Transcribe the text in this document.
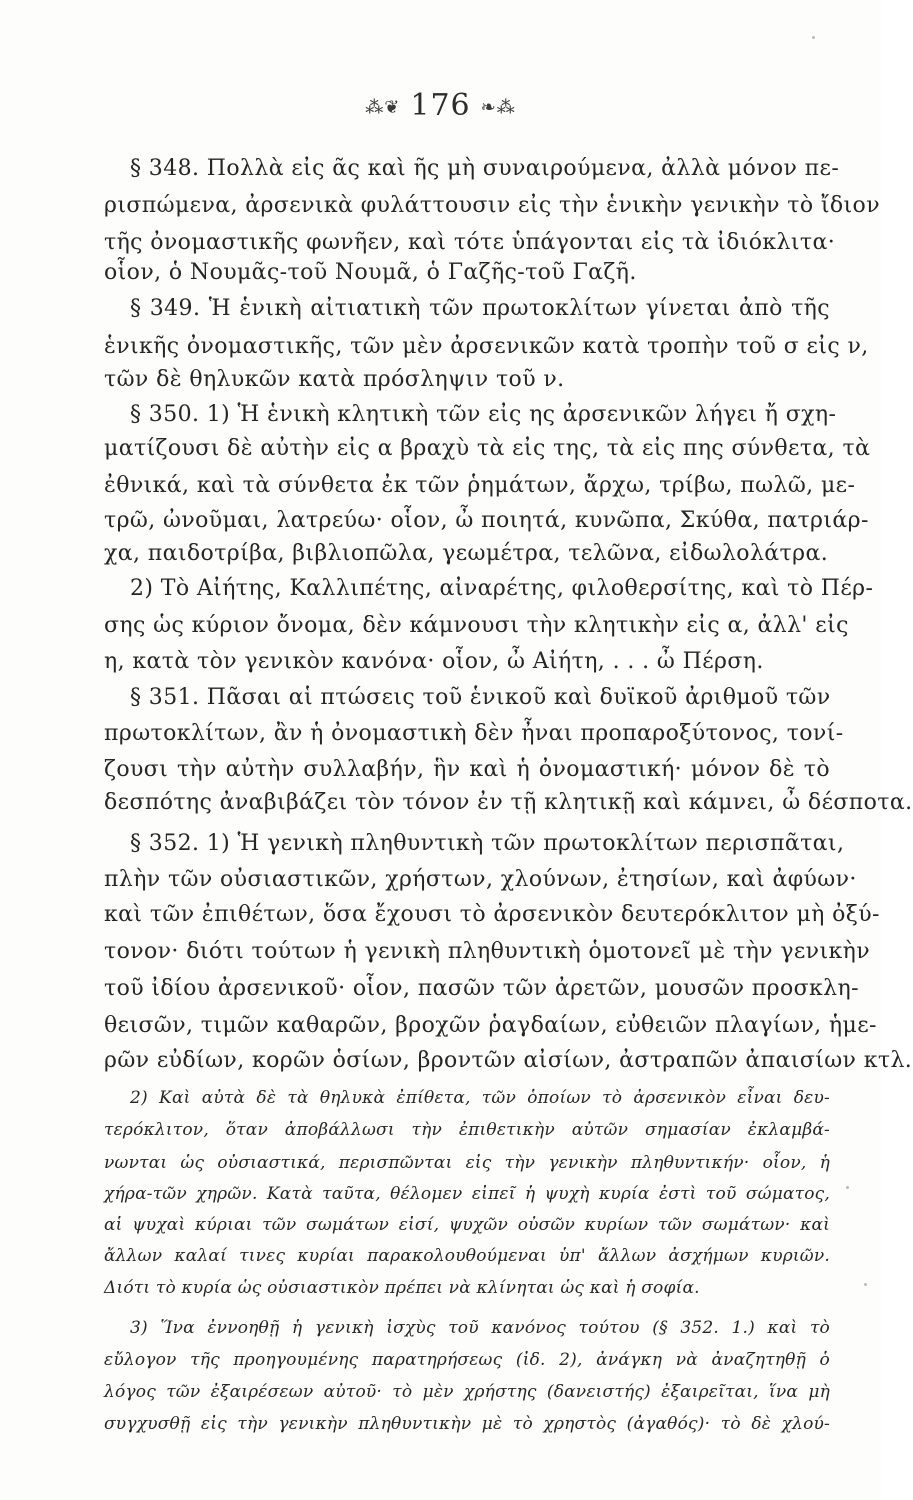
⁂❦ 176 ❧⁂
§ 348. Πολλὰ εἰς ᾶς καὶ ῆς μὴ συναιρούμενα, ἀλλὰ μόνον πε-
ρισπώμενα, ἀρσενικὰ φυλάττουσιν εἰς τὴν ἑνικὴν γενικὴν τὸ ἴδιον
τῆς ὀνομαστικῆς φωνῆεν, καὶ τότε ὑπάγονται εἰς τὰ ἰδιόκλιτα·
οἷον, ὁ Νουμᾶς-τοῦ Νουμᾶ, ὁ Γαζῆς-τοῦ Γαζῆ.
§ 349. Ἡ ἑνικὴ αἰτιατικὴ τῶν πρωτοκλίτων γίνεται ἀπὸ τῆς
ἑνικῆς ὀνομαστικῆς, τῶν μὲν ἀρσενικῶν κατὰ τροπὴν τοῦ σ εἰς ν,
τῶν δὲ θηλυκῶν κατὰ πρόσληψιν τοῦ ν.
§ 350. 1) Ἡ ἑνικὴ κλητικὴ τῶν εἰς ης ἀρσενικῶν λήγει ἤ σχη-
ματίζουσι δὲ αὐτὴν εἰς α βραχὺ τὰ εἰς της, τὰ εἰς πης σύνθετα, τὰ
ἐθνικά, καὶ τὰ σύνθετα ἐκ τῶν ῥημάτων, ἄρχω, τρίβω, πωλῶ, με-
τρῶ, ὠνοῦμαι, λατρεύω· οἷον, ὦ ποιητά, κυνῶπα, Σκύθα, πατριάρ-
χα, παιδοτρίβα, βιβλιοπῶλα, γεωμέτρα, τελῶνα, εἰδωλολάτρα.
2) Τὸ Αἰήτης, Καλλιπέτης, αἰναρέτης, φιλοθερσίτης, καὶ τὸ Πέρ-
σης ὡς κύριον ὄνομα, δὲν κάμνουσι τὴν κλητικὴν εἰς α, ἀλλ' εἰς
η, κατὰ τὸν γενικὸν κανόνα· οἷον, ὦ Αἰήτη, . . . ὦ Πέρση.
§ 351. Πᾶσαι αἱ πτώσεις τοῦ ἑνικοῦ καὶ δυϊκοῦ ἀριθμοῦ τῶν
πρωτοκλίτων, ἂν ἡ ὀνομαστικὴ δὲν ἦναι προπαροξύτονος, τονί-
ζουσι τὴν αὐτὴν συλλαβήν, ἣν καὶ ἡ ὀνομαστική· μόνον δὲ τὸ
δεσπότης ἀναβιβάζει τὸν τόνον ἐν τῇ κλητικῇ καὶ κάμνει, ὦ δέσποτα.
§ 352. 1) Ἡ γενικὴ πληθυντικὴ τῶν πρωτοκλίτων περισπᾶται,
πλὴν τῶν οὐσιαστικῶν, χρήστων, χλούνων, ἐτησίων, καὶ ἀφύων·
καὶ τῶν ἐπιθέτων, ὅσα ἔχουσι τὸ ἀρσενικὸν δευτερόκλιτον μὴ ὀξύ-
τονον· διότι τούτων ἡ γενικὴ πληθυντικὴ ὁμοτονεῖ μὲ τὴν γενικὴν
τοῦ ἰδίου ἀρσενικοῦ· οἷον, πασῶν τῶν ἀρετῶν, μουσῶν προσκλη-
θεισῶν, τιμῶν καθαρῶν, βροχῶν ῥαγδαίων, εὐθειῶν πλαγίων, ἡμε-
ρῶν εὐδίων, κορῶν ὁσίων, βροντῶν αἰσίων, ἀστραπῶν ἀπαισίων κτλ.
2) Καὶ αὐτὰ δὲ τὰ θηλυκὰ ἐπίθετα, τῶν ὁποίων τὸ ἀρσενικὸν εἶναι δευ-
τερόκλιτον, ὅταν ἀποβάλλωσι τὴν ἐπιθετικὴν αὐτῶν σημασίαν ἐκλαμβά-
νωνται ὡς οὐσιαστικά, περισπῶνται εἰς τὴν γενικὴν πληθυντικήν· οἷον, ἡ
χήρα-τῶν χηρῶν. Κατὰ ταῦτα, θέλομεν εἰπεῖ ἡ ψυχὴ κυρία ἐστὶ τοῦ σώματος,
αἱ ψυχαὶ κύριαι τῶν σωμάτων εἰσί, ψυχῶν οὐσῶν κυρίων τῶν σωμάτων· καὶ
ἄλλων καλαί τινες κυρίαι παρακολουθούμεναι ὑπ' ἄλλων ἀσχήμων κυριῶν.
Διότι τὸ κυρία ὡς οὐσιαστικὸν πρέπει νὰ κλίνηται ὡς καὶ ἡ σοφία.
3) Ἵνα ἐννοηθῇ ἡ γενικὴ ἰσχὺς τοῦ κανόνος τούτου (§ 352. 1.) καὶ τὸ
εὔλογον τῆς προηγουμένης παρατηρήσεως (ἰδ. 2), ἀνάγκη νὰ ἀναζητηθῇ ὁ
λόγος τῶν ἐξαιρέσεων αὐτοῦ· τὸ μὲν χρήστης (δανειστής) ἐξαιρεῖται, ἵνα μὴ
συγχυσθῇ εἰς τὴν γενικὴν πληθυντικὴν μὲ τὸ χρηστὸς (ἀγαθός)· τὸ δὲ χλού-
